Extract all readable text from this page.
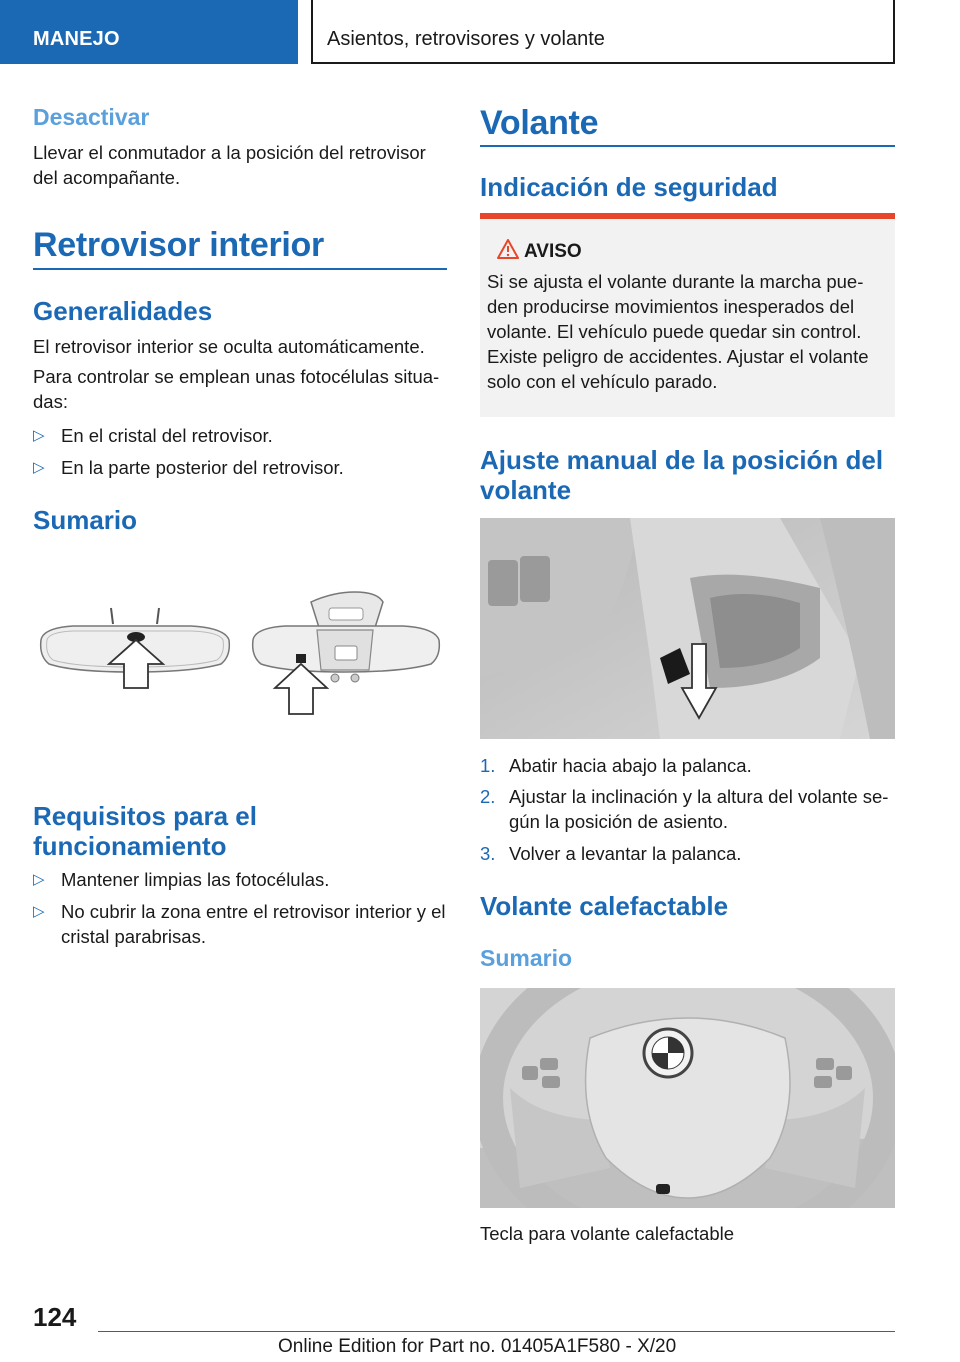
MANEJO	Asientos, retrovisores y volante
Desactivar
Llevar el conmutador a la posición del retrovisor del acompañante.
Retrovisor interior
Generalidades
El retrovisor interior se oculta automáticamente.
Para controlar se emplean unas fotocélulas situa-das:
▷ En el cristal del retrovisor.
▷ En la parte posterior del retrovisor.
Sumario
Requisitos para el funcionamiento
▷ Mantener limpias las fotocélulas.
▷ No cubrir la zona entre el retrovisor interior y el cristal parabrisas.
Volante
Indicación de seguridad
AVISO
Si se ajusta el volante durante la marcha pue-den producirse movimientos inesperados del volante. El vehículo puede quedar sin control. Existe peligro de accidentes. Ajustar el volante solo con el vehículo parado.
Ajuste manual de la posición del volante
1. Abatir hacia abajo la palanca.
2. Ajustar la inclinación y la altura del volante se-gún la posición de asiento.
3. Volver a levantar la palanca.
Volante calefactable
Sumario
Tecla para volante calefactable
124
Online Edition for Part no. 01405A1F580 - X/20
